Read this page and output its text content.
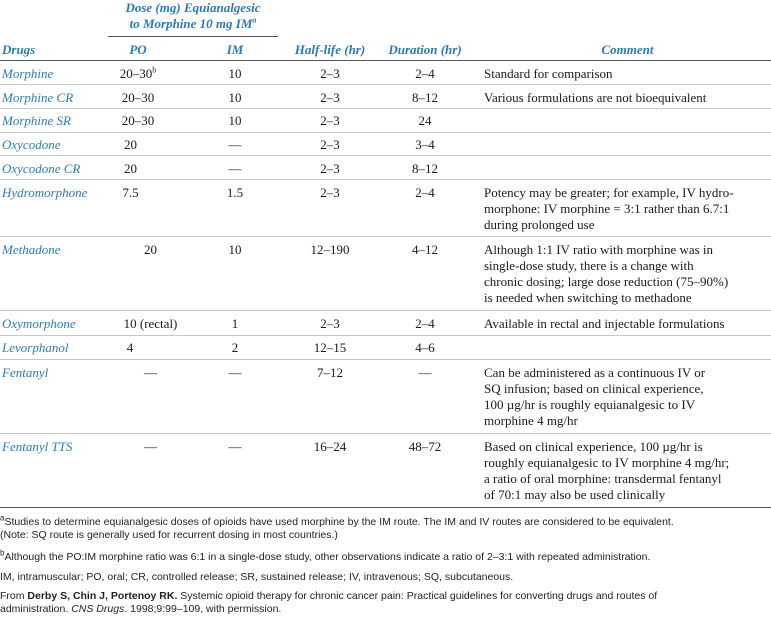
Dose (mg) Equianalgesic
to Morphine 10 mg $IM^a$
Drugs	PO	IM	Half-life (hr)	Duration (hr)	Comment
Morphine	20–30$^b$	10	2–3	2–4	Standard for comparison
Morphine CR	20–30	10	2–3	8–12	Various formulations are not bioequivalent
Morphine SR	20–30	10	2–3	24
Oxycodone	20	—	2–3	3–4
Oxycodone CR	20	—	2–3	8–12
Hydromorphone	7.5	1.5	2–3	2–4	Potency may be greater; for example, IV hydro-
morphone: IV morphine = 3:1 rather than 6.7:1
during prolonged use
Methadone	20	10	12–190	4–12	Although 1:1 IV ratio with morphine was in
single-dose study, there is a change with
chronic dosing; large dose reduction (75–90%)
is needed when switching to methadone
Oxymorphone	10 (rectal)	1	2–3	2–4	Available in rectal and injectable formulations
Levorphanol	4	2	12–15	4–6
Fentanyl	—	—	7–12	—	Can be administered as a continuous IV or
SQ infusion; based on clinical experience,
100 µg/hr is roughly equianalgesic to IV
morphine 4 mg/hr
Fentanyl TTS	—	—	16–24	48–72	Based on clinical experience, 100 µg/hr is
roughly equianalgesic to IV morphine 4 mg/hr;
a ratio of oral morphine: transdermal fentanyl
of 70:1 may also be used clinically
$^a$Studies to determine equianalgesic doses of opioids have used morphine by the IM route. The IM and IV routes are considered to be equivalent.
(Note: SQ route is generally used for recurrent dosing in most countries.)
$^b$Although the PO:IM morphine ratio was 6:1 in a single-dose study, other observations indicate a ratio of 2–3:1 with repeated administration.
IM, intramuscular; PO, oral; CR, controlled release; SR, sustained release; IV, intravenous; SQ, subcutaneous.
From Derby S, Chin J, Portenoy RK. Systemic opioid therapy for chronic cancer pain: Practical guidelines for converting drugs and routes of
administration. CNS Drugs. 1998;9:99–109, with permission.
